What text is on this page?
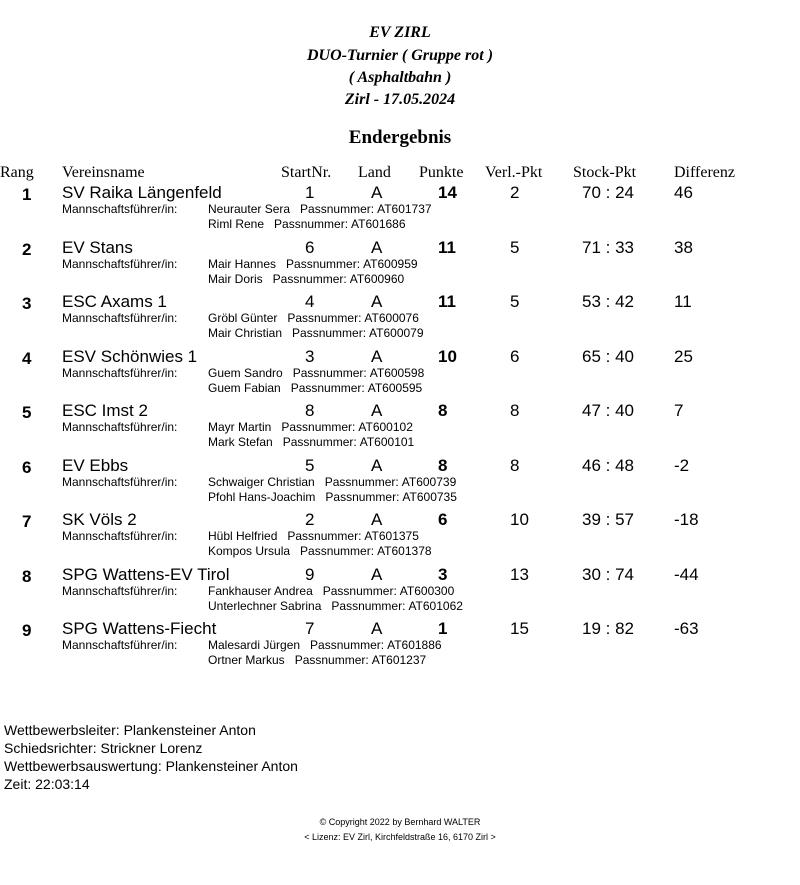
EV ZIRL
DUO-Turnier ( Gruppe rot )
( Asphaltbahn )
Zirl - 17.05.2024
Endergebnis
Rang Vereinsname	StartNr. Land Punkte Verl.-Pkt Stock-Pkt Differenz
1 SV Raika Längenfeld	1	A	14	2	70 : 24 46
Mannschaftsführer/in:	Neurauter Sera Passnummer: AT601737
Riml Rene Passnummer: AT601686
2 EV Stans	6	A	11	5	71 : 33 38
Mannschaftsführer/in:	Mair Hannes Passnummer: AT600959
Mair Doris Passnummer: AT600960
3 ESC Axams 1	4	A	11	5	53 : 42 11
Mannschaftsführer/in:	Gröbl Günter Passnummer: AT600076
Mair Christian Passnummer: AT600079
4 ESV Schönwies 1	3	A	10	6	65 : 40 25
Mannschaftsführer/in:	Guem Sandro Passnummer: AT600598
Guem Fabian Passnummer: AT600595
5 ESC Imst 2	8	A	8	8	47 : 40 7
Mannschaftsführer/in:	Mayr Martin Passnummer: AT600102
Mark Stefan Passnummer: AT600101
6 EV Ebbs	5	A	8	8	46 : 48 -2
Mannschaftsführer/in:	Schwaiger Christian Passnummer: AT600739
Pfohl Hans-Joachim Passnummer: AT600735
7 SK Völs 2	2	A	6	10	39 : 57 -18
Mannschaftsführer/in:	Hübl Helfried Passnummer: AT601375
Kompos Ursula Passnummer: AT601378
8 SPG Wattens-EV Tirol	9	A	3	13	30 : 74 -44
Mannschaftsführer/in:	Fankhauser Andrea Passnummer: AT600300
Unterlechner Sabrina Passnummer: AT601062
9 SPG Wattens-Fiecht	7	A	1	15	19 : 82 -63
Mannschaftsführer/in:	Malesardi Jürgen Passnummer: AT601886
Ortner Markus Passnummer: AT601237
Wettbewerbsleiter: Plankensteiner Anton
Schiedsrichter: Strickner Lorenz
Wettbewerbsauswertung: Plankensteiner Anton
Zeit: 22:03:14
© Copyright 2022 by Bernhard WALTER
< Lizenz: EV Zirl, Kirchfeldstraße 16, 6170 Zirl >
